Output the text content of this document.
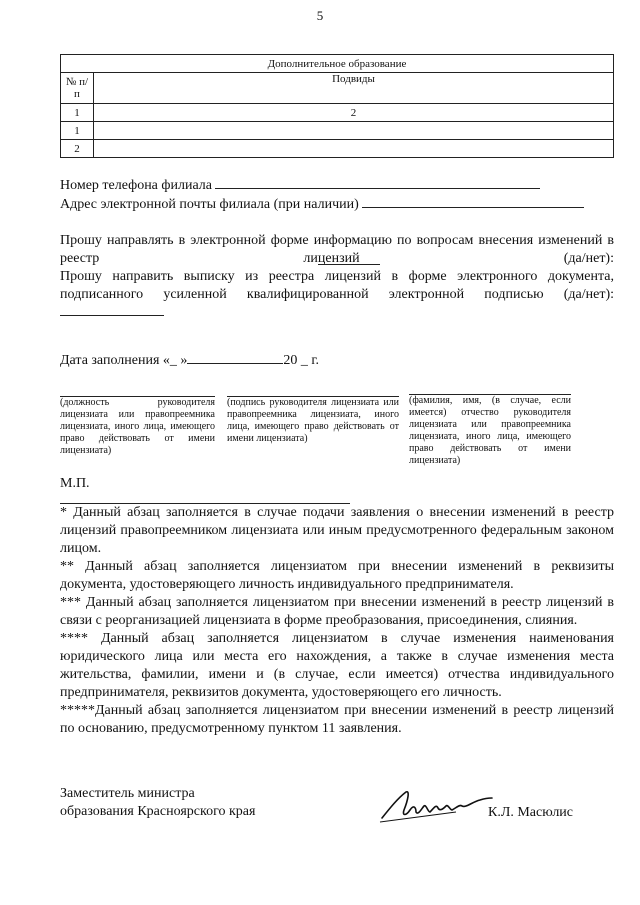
5
Дополнительное образование	
№ п/п	Подвиды
1	2
1	
2	
Номер телефона филиала
Адрес электронной почты филиала (при наличии)
Прошу направлять в электронной форме информацию по вопросам внесения изменений в реестр лицензий (да/нет):
Прошу направить выписку из реестра лицензий в форме электронного документа, подписанного усиленной квалифицированной электронной подписью (да/нет):
Дата заполнения «_ »	20 _ г.
(должность руководителя лицензиата или правопреемника лицензиата, иного лица, имеющего право действовать от имени лицензиата)
(подпись руководителя лицензиата или правопреемника лицензиата, иного лица, имеющего право действовать от имени лицензиата)
(фамилия, имя, (в случае, если имеется) отчество руководителя лицензиата или правопреемника лицензиата, иного лица, имеющего право действовать от имени лицензиата)
М.П.

* Данный абзац заполняется в случае подачи заявления о внесении изменений в реестр лицензий правопреемником лицензиата или иным предусмотренного федеральным законом лицом.

** Данный абзац заполняется лицензиатом при внесении изменений в реквизиты документа, удостоверяющего личность индивидуального предпринимателя.

*** Данный абзац заполняется лицензиатом при внесении изменений в реестр лицензий в связи с реорганизацией лицензиата в форме преобразования, присоединения, слияния.

**** Данный абзац заполняется лицензиатом в случае изменения наименования юридического лица или места его нахождения, а также в случае изменения места жительства, фамилии, имени и (в случае, если имеется) отчества индивидуального предпринимателя, реквизитов документа, удостоверяющего его личность.

*****Данный абзац заполняется лицензиатом при внесении изменений в реестр лицензий по основанию, предусмотренному пунктом 11 заявления.

Заместитель министра
образования Красноярского края	К.Л. Масюлис
